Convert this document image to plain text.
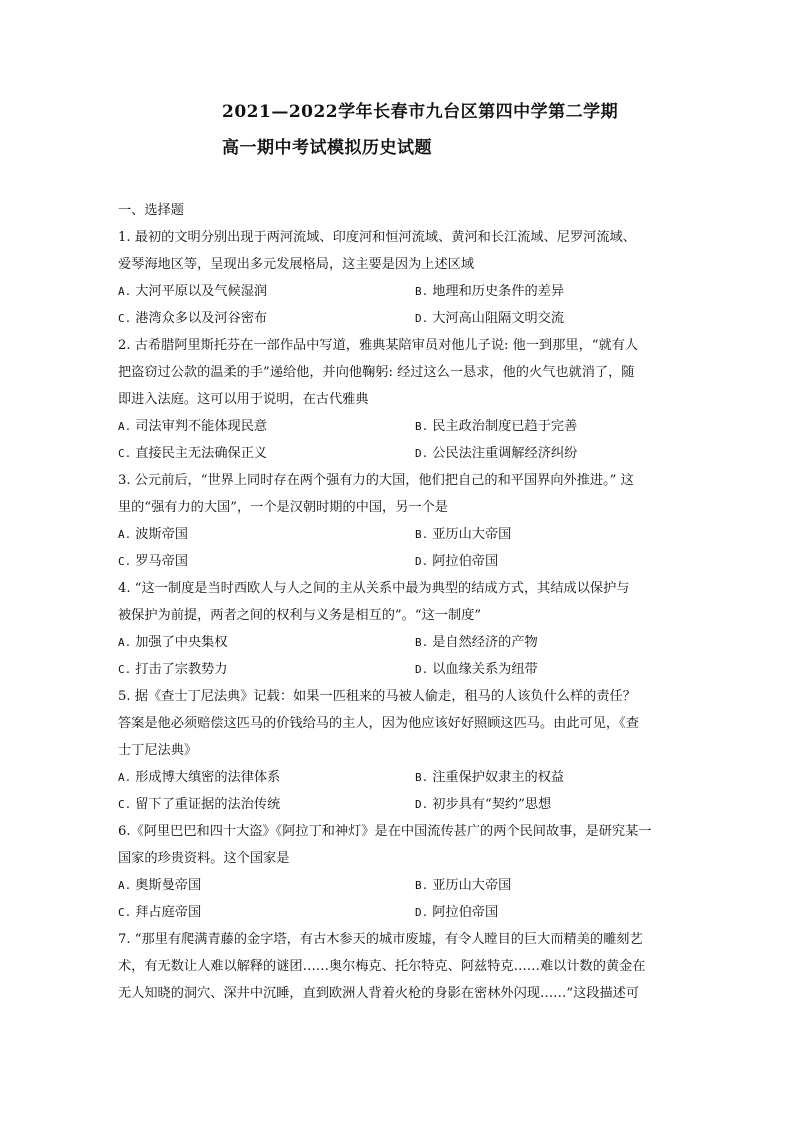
2021—2022学年长春市九台区第四中学第二学期
高一期中考试模拟历史试题
一、选择题
1. 最初的文明分别出现于两河流域、印度河和恒河流域、黄河和长江流域、尼罗河流域、
爱琴海地区等，呈现出多元发展格局，这主要是因为上述区域
A. 大河平原以及气候湿润	B. 地理和历史条件的差异
C. 港湾众多以及河谷密布	D. 大河高山阻隔文明交流
2. 古希腊阿里斯托芬在一部作品中写道，雅典某陪审员对他儿子说: 他一到那里，“就有人
把盗窃过公款的温柔的手”递给他，并向他鞠躬: 经过这么一恳求，他的火气也就消了，随
即进入法庭。这可以用于说明，在古代雅典
A. 司法审判不能体现民意	B. 民主政治制度已趋于完善
C. 直接民主无法确保正义	D. 公民法注重调解经济纠纷
3. 公元前后，“世界上同时存在两个强有力的大国，他们把自己的和平国界向外推进。” 这
里的“强有力的大国”，一个是汉朝时期的中国，另一个是
A. 波斯帝国	B. 亚历山大帝国
C. 罗马帝国	D. 阿拉伯帝国
4. “这一制度是当时西欧人与人之间的主从关系中最为典型的结成方式，其结成以保护与
被保护为前提，两者之间的权利与义务是相互的”。“这一制度”
A. 加强了中央集权	B. 是自然经济的产物
C. 打击了宗教势力	D. 以血缘关系为纽带
5. 据《查士丁尼法典》记载：如果一匹租来的马被人偷走，租马的人该负什么样的责任？
答案是他必须赔偿这匹马的价钱给马的主人，因为他应该好好照顾这匹马。由此可见，《查
士丁尼法典》
A. 形成博大缜密的法律体系	B. 注重保护奴隶主的权益
C. 留下了重证据的法治传统	D. 初步具有“契约”思想
6.《阿里巴巴和四十大盗》《阿拉丁和神灯》是在中国流传甚广的两个民间故事，是研究某一
国家的珍贵资料。这个国家是
A. 奥斯曼帝国	B. 亚历山大帝国
C. 拜占庭帝国	D. 阿拉伯帝国
7. “那里有爬满青藤的金字塔，有古木参天的城市废墟，有令人瞠目的巨大而精美的雕刻艺
术，有无数让人难以解释的谜团……奥尔梅克、托尔特克、阿兹特克……难以计数的黄金在
无人知晓的洞穴、深井中沉睡，直到欧洲人背着火枪的身影在密林外闪现……”这段描述可
